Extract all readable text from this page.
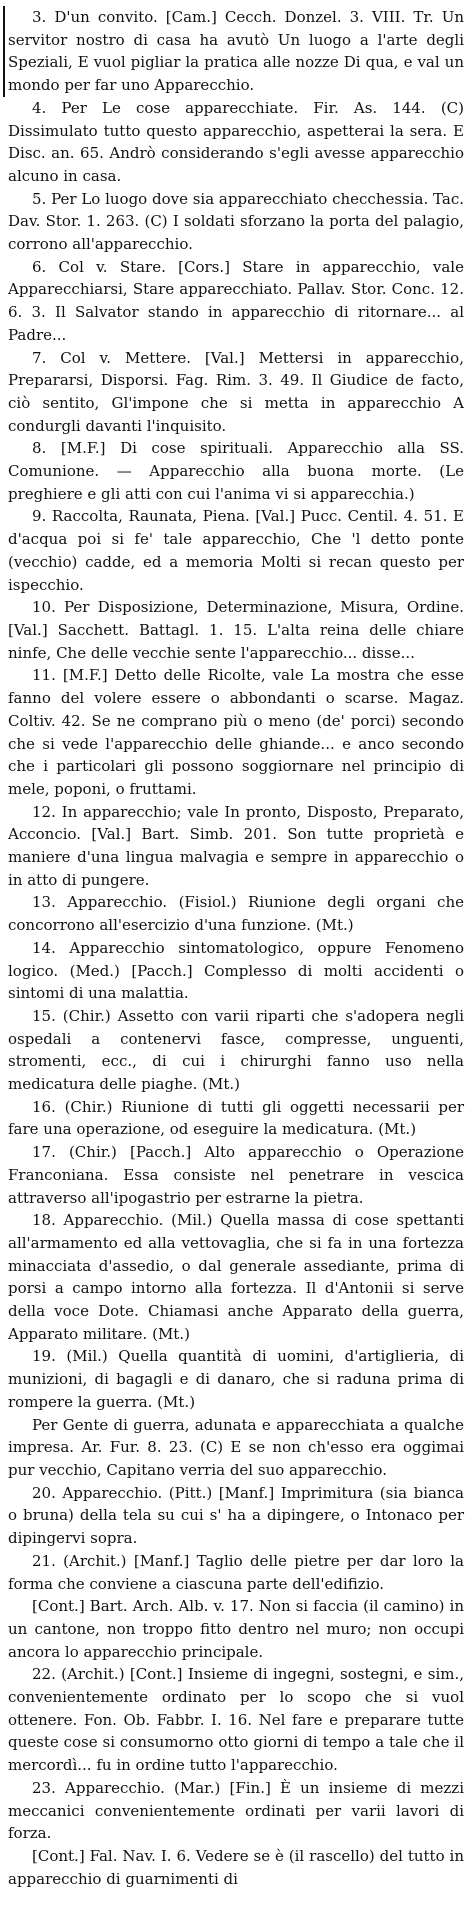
3. D'un convito. [Cam.] Cecch. Donzel. 3. VIII. Tr. Un servitor nostro di casa ha avutò Un luogo a l'arte degli Speziali, E vuol pigliar la pratica alle nozze Di qua, e val un mondo per far uno Apparecchio.

4. Per Le cose apparecchiate. Fir. As. 144. (C) Dissimulato tutto questo apparecchio, aspetterai la sera. E Disc. an. 65. Andrò considerando s'egli avesse apparecchio alcuno in casa.

5. Per Lo luogo dove sia apparecchiato checchessia. Tac. Dav. Stor. 1. 263. (C) I soldati sforzano la porta del palagio, corrono all'apparecchio.

6. Col v. Stare. [Cors.] Stare in apparecchio, vale Apparecchiarsi, Stare apparecchiato. Pallav. Stor. Conc. 12. 6. 3. Il Salvator stando in apparecchio di ritornare... al Padre...

7. Col v. Mettere. [Val.] Mettersi in apparecchio, Prepararsi, Disporsi. Fag. Rim. 3. 49. Il Giudice de facto, ciò sentito, Gl'impone che si metta in apparecchio A condurgli davanti l'inquisito.

8. [M.F.] Di cose spirituali. Apparecchio alla SS. Comunione. — Apparecchio alla buona morte. (Le preghiere e gli atti con cui l'anima vi si apparecchia.)

9. Raccolta, Raunata, Piena. [Val.] Pucc. Centil. 4. 51. E d'acqua poi si fe' tale apparecchio, Che 'l detto ponte (vecchio) cadde, ed a memoria Molti si recan questo per ispecchio.

10. Per Disposizione, Determinazione, Misura, Ordine. [Val.] Sacchett. Battagl. 1. 15. L'alta reina delle chiare ninfe, Che delle vecchie sente l'apparecchio... disse...

11. [M.F.] Detto delle Ricolte, vale La mostra che esse fanno del volere essere o abbondanti o scarse. Magaz. Coltiv. 42. Se ne comprano più o meno (de' porci) secondo che si vede l'apparecchio delle ghiande... e anco secondo che i particolari gli possono soggiornare nel principio di mele, poponi, o fruttami.

12. In apparecchio; vale In pronto, Disposto, Preparato, Acconcio. [Val.] Bart. Simb. 201. Son tutte proprietà e maniere d'una lingua malvagia e sempre in apparecchio o in atto di pungere.

13. Apparecchio. (Fisiol.) Riunione degli organi che concorrono all'esercizio d'una funzione. (Mt.)

14. Apparecchio sintomatologico, oppure Fenomeno logico. (Med.) [Pacch.] Complesso di molti accidenti o sintomi di una malattia.

15. (Chir.) Assetto con varii riparti che s'adopera negli ospedali a contenervi fasce, compresse, unguenti, stromenti, ecc., di cui i chirurghi fanno uso nella medicatura delle piaghe. (Mt.)

16. (Chir.) Riunione di tutti gli oggetti necessarii per fare una operazione, od eseguire la medicatura. (Mt.)

17. (Chir.) [Pacch.] Alto apparecchio o Operazione Franconiana. Essa consiste nel penetrare in vescica attraverso all'ipogastrio per estrarne la pietra.

18. Apparecchio. (Mil.) Quella massa di cose spettanti all'armamento ed alla vettovaglia, che si fa in una fortezza minacciata d'assedio, o dal generale assediante, prima di porsi a campo intorno alla fortezza. Il d'Antonii si serve della voce Dote. Chiamasi anche Apparato della guerra, Apparato militare. (Mt.)

19. (Mil.) Quella quantità di uomini, d'artiglieria, di munizioni, di bagagli e di danaro, che si raduna prima di rompere la guerra. (Mt.)

Per Gente di guerra, adunata e apparecchiata a qualche impresa. Ar. Fur. 8. 23. (C) E se non ch'esso era oggimai pur vecchio, Capitano verria del suo apparecchio.

20. Apparecchio. (Pitt.) [Manf.] Imprimitura (sia bianca o bruna) della tela su cui s' ha a dipingere, o Intonaco per dipingervi sopra.

21. (Archit.) [Manf.] Taglio delle pietre per dar loro la forma che conviene a ciascuna parte dell'edifizio.

[Cont.] Bart. Arch. Alb. v. 17. Non si faccia (il camino) in un cantone, non troppo fitto dentro nel muro; non occupi ancora lo apparecchio principale.

22. (Archit.) [Cont.] Insieme di ingegni, sostegni, e sim., convenientemente ordinato per lo scopo che si vuol ottenere. Fon. Ob. Fabbr. I. 16. Nel fare e preparare tutte queste cose si consumorno otto giorni di tempo a tale che il mercordì... fu in ordine tutto l'apparecchio.

23. Apparecchio. (Mar.) [Fin.] È un insieme di mezzi meccanici convenientemente ordinati per varii lavori di forza.

[Cont.] Fal. Nav. I. 6. Vedere se è (il rascello) del tutto in apparecchio di guarnimenti di
